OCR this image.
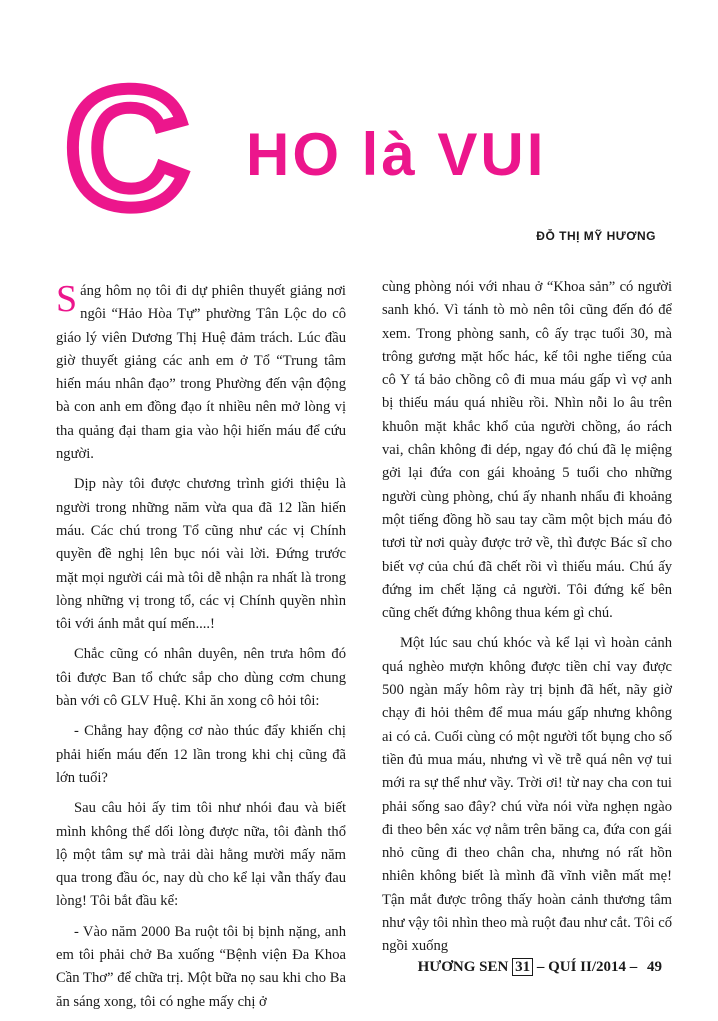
C HO là VUI
ĐỖ THỊ MỸ HƯƠNG

Sáng hôm nọ tôi đi dự phiên thuyết giảng nơi ngôi “Hảo Hòa Tự” phường Tân Lộc do cô giáo lý viên Dương Thị Huệ đảm trách. Lúc đầu giờ thuyết giảng các anh em ở Tổ “Trung tâm hiến máu nhân đạo” trong Phường đến vận động bà con anh em đồng đạo ít nhiều nên mở lòng vị tha quảng đại tham gia vào hội hiến máu để cứu người.

Dịp này tôi được chương trình giới thiệu là người trong những năm vừa qua đã 12 lần hiến máu. Các chú trong Tổ cũng như các vị Chính quyền đề nghị lên bục nói vài lời. Đứng trước mặt mọi người cái mà tôi dễ nhận ra nhất là trong lòng những vị trong tổ, các vị Chính quyền nhìn tôi với ánh mắt quí mến....!

Chắc cũng có nhân duyên, nên trưa hôm đó tôi được Ban tổ chức sắp cho dùng cơm chung bàn với cô GLV Huệ. Khi ăn xong cô hỏi tôi:

- Chẳng hay động cơ nào thúc đẩy khiến chị phải hiến máu đến 12 lần trong khi chị cũng đã lớn tuổi?

Sau câu hỏi ấy tim tôi như nhói đau và biết mình không thể dối lòng được nữa, tôi đành thổ lộ một tâm sự mà trải dài hằng mười mấy năm qua trong đầu óc, nay dù cho kể lại vẫn thấy đau lòng! Tôi bắt đầu kể:

- Vào năm 2000 Ba ruột tôi bị bịnh nặng, anh em tôi phải chở Ba xuống “Bệnh viện Đa Khoa Cần Thơ” để chữa trị. Một bữa nọ sau khi cho Ba ăn sáng xong, tôi có nghe mấy chị ở

cùng phòng nói với nhau ở “Khoa sản” có người sanh khó. Vì tánh tò mò nên tôi cũng đến đó để xem. Trong phòng sanh, cô ấy trạc tuổi 30, mà trông gương mặt hốc hác, kế tôi nghe tiếng của cô Y tá bảo chồng cô đi mua máu gấp vì vợ anh bị thiếu máu quá nhiều rồi. Nhìn nỗi lo âu trên khuôn mặt khắc khổ của người chồng, áo rách vai, chân không đi dép, ngay đó chú đã lẹ miệng gởi lại đứa con gái khoảng 5 tuổi cho những người cùng phòng, chú ấy nhanh nhẩu đi khoảng một tiếng đồng hồ sau tay cầm một bịch máu đỏ tươi từ nơi quày được trở về, thì được Bác sĩ cho biết vợ của chú đã chết rồi vì thiếu máu. Chú ấy đứng im chết lặng cả người. Tôi đứng kế bên cũng chết đứng không thua kém gì chú.

Một lúc sau chú khóc và kể lại vì hoàn cảnh quá nghèo mượn không được tiền chỉ vay được 500 ngàn mấy hôm rày trị bịnh đã hết, nãy giờ chạy đi hỏi thêm để mua máu gấp nhưng không ai có cả. Cuối cùng có một người tốt bụng cho số tiền đủ mua máu, nhưng vì về trễ quá nên vợ tui mới ra sự thể như vầy. Trời ơi! từ nay cha con tui phải sống sao đây? chú vừa nói vừa nghẹn ngào đi theo bên xác vợ nằm trên băng ca, đứa con gái nhỏ cũng đi theo chân cha, nhưng nó rất hồn nhiên không biết là mình đã vĩnh viễn mất mẹ! Tận mắt được trông thấy hoàn cảnh thương tâm như vậy tôi nhìn theo mà ruột đau như cắt. Tôi cố ngồi xuống

HƯƠNG SEN 31 – QUÍ II/2014 – 49
